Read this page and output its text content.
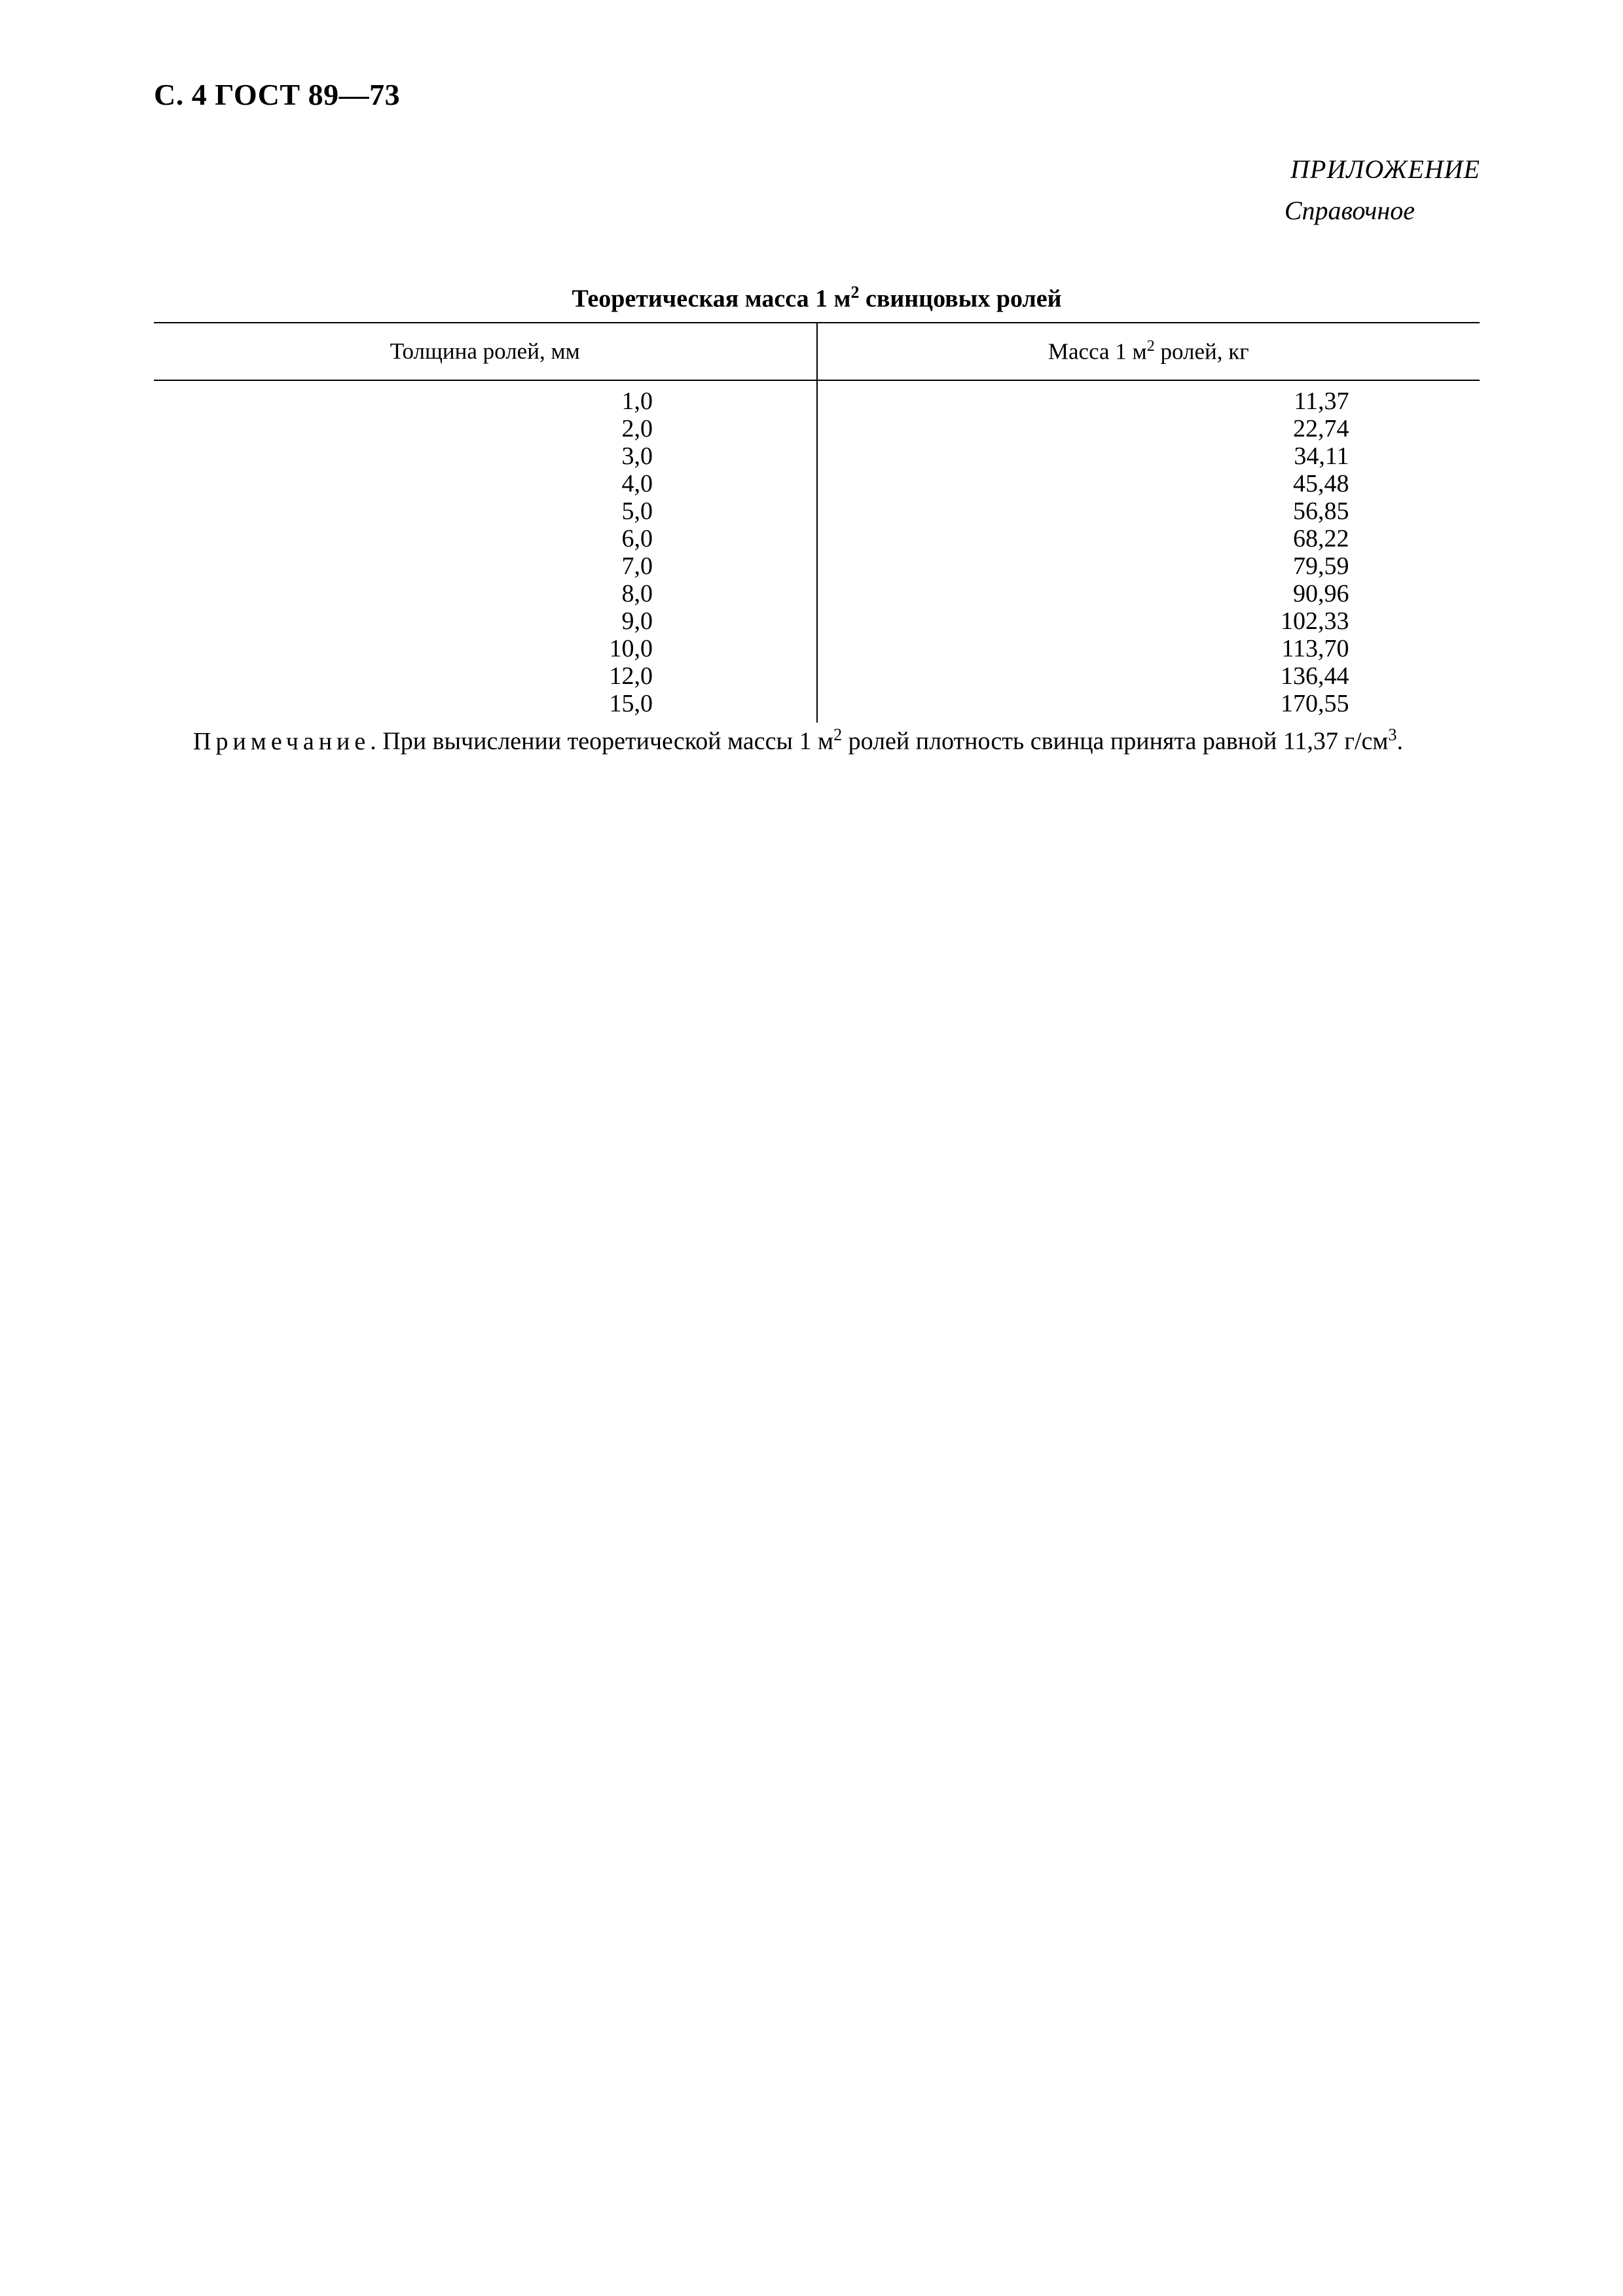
С. 4 ГОСТ 89—73
ПРИЛОЖЕНИЕ

Справочное
Теоретическая масса 1 $м^2$ свинцовых ролей
Толщина ролей, мм	Масса 1 $м^2$ ролей, кг
1,0	11,37
2,0	22,74
3,0	34,11
4,0	45,48
5,0	56,85
6,0	68,22
7,0	79,59
8,0	90,96
9,0	102,33
10,0	113,70
12,0	136,44
15,0	170,55
Примечание. При вычислении теоретической массы 1 $м^2$ ролей плотность свинца принята равной 11,37 $г/см^3$.
